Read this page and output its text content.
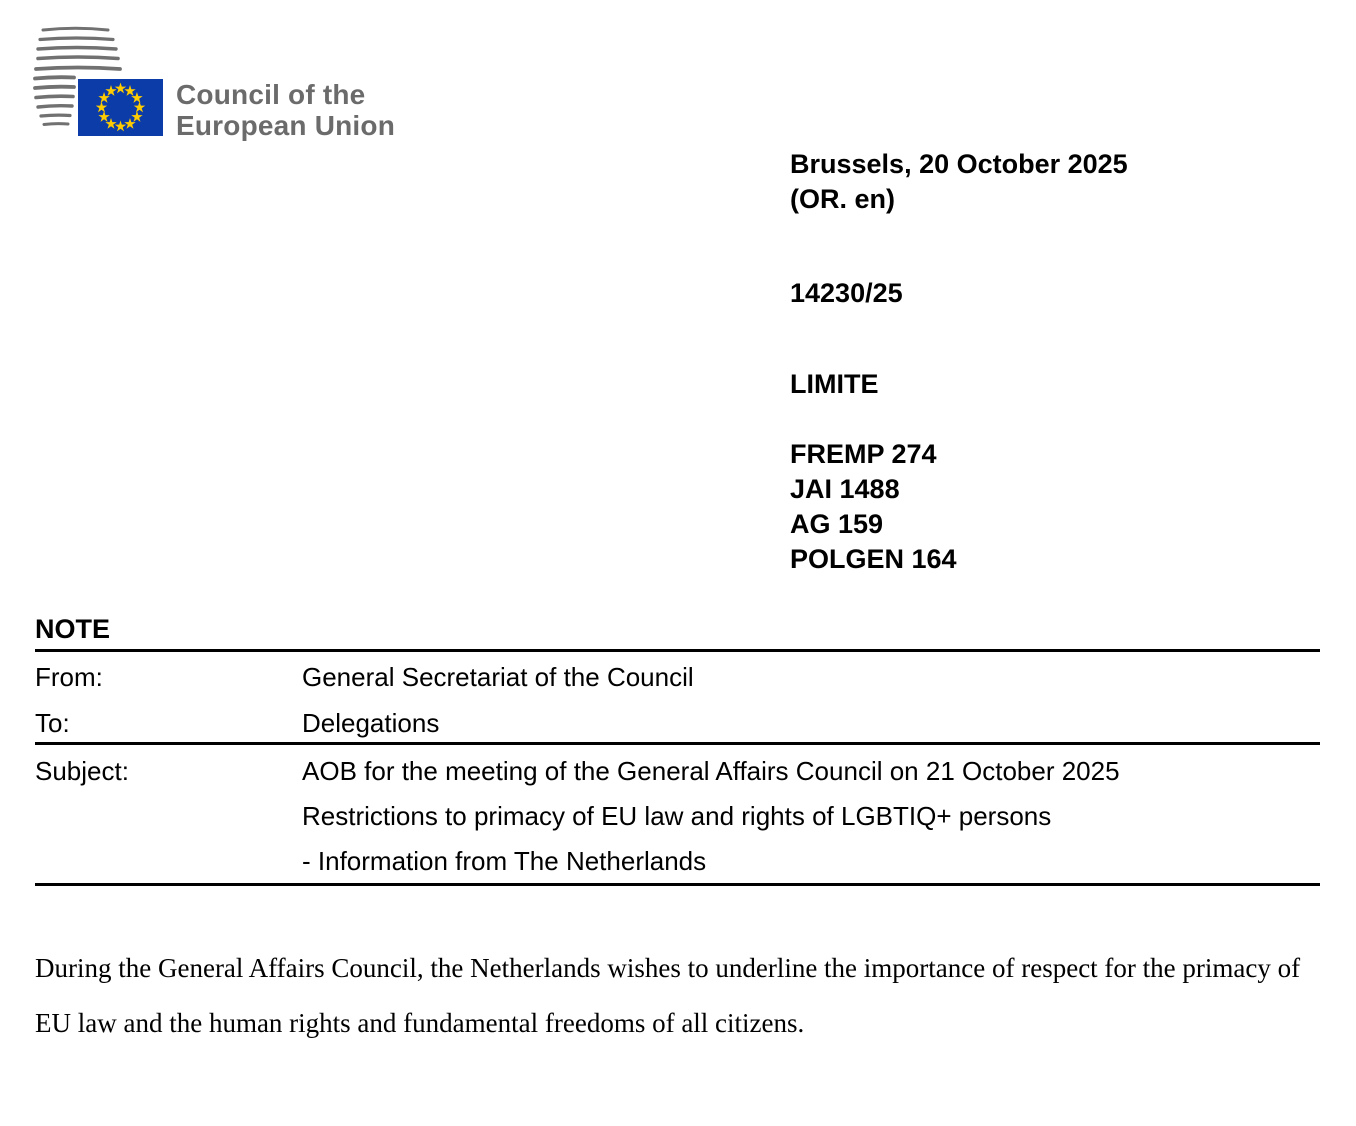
Council of the
European Union
Brussels, 20 October 2025
(OR. en)
14230/25
LIMITE
FREMP 274
JAI 1488
AG 159
POLGEN 164
NOTE
From:	General Secretariat of the Council
To:	Delegations
Subject:	AOB for the meeting of the General Affairs Council on 21 October 2025
Restrictions to primacy of EU law and rights of LGBTIQ+ persons
- Information from The Netherlands
During the General Affairs Council, the Netherlands wishes to underline the importance of respect for the primacy of EU law and the human rights and fundamental freedoms of all citizens.
